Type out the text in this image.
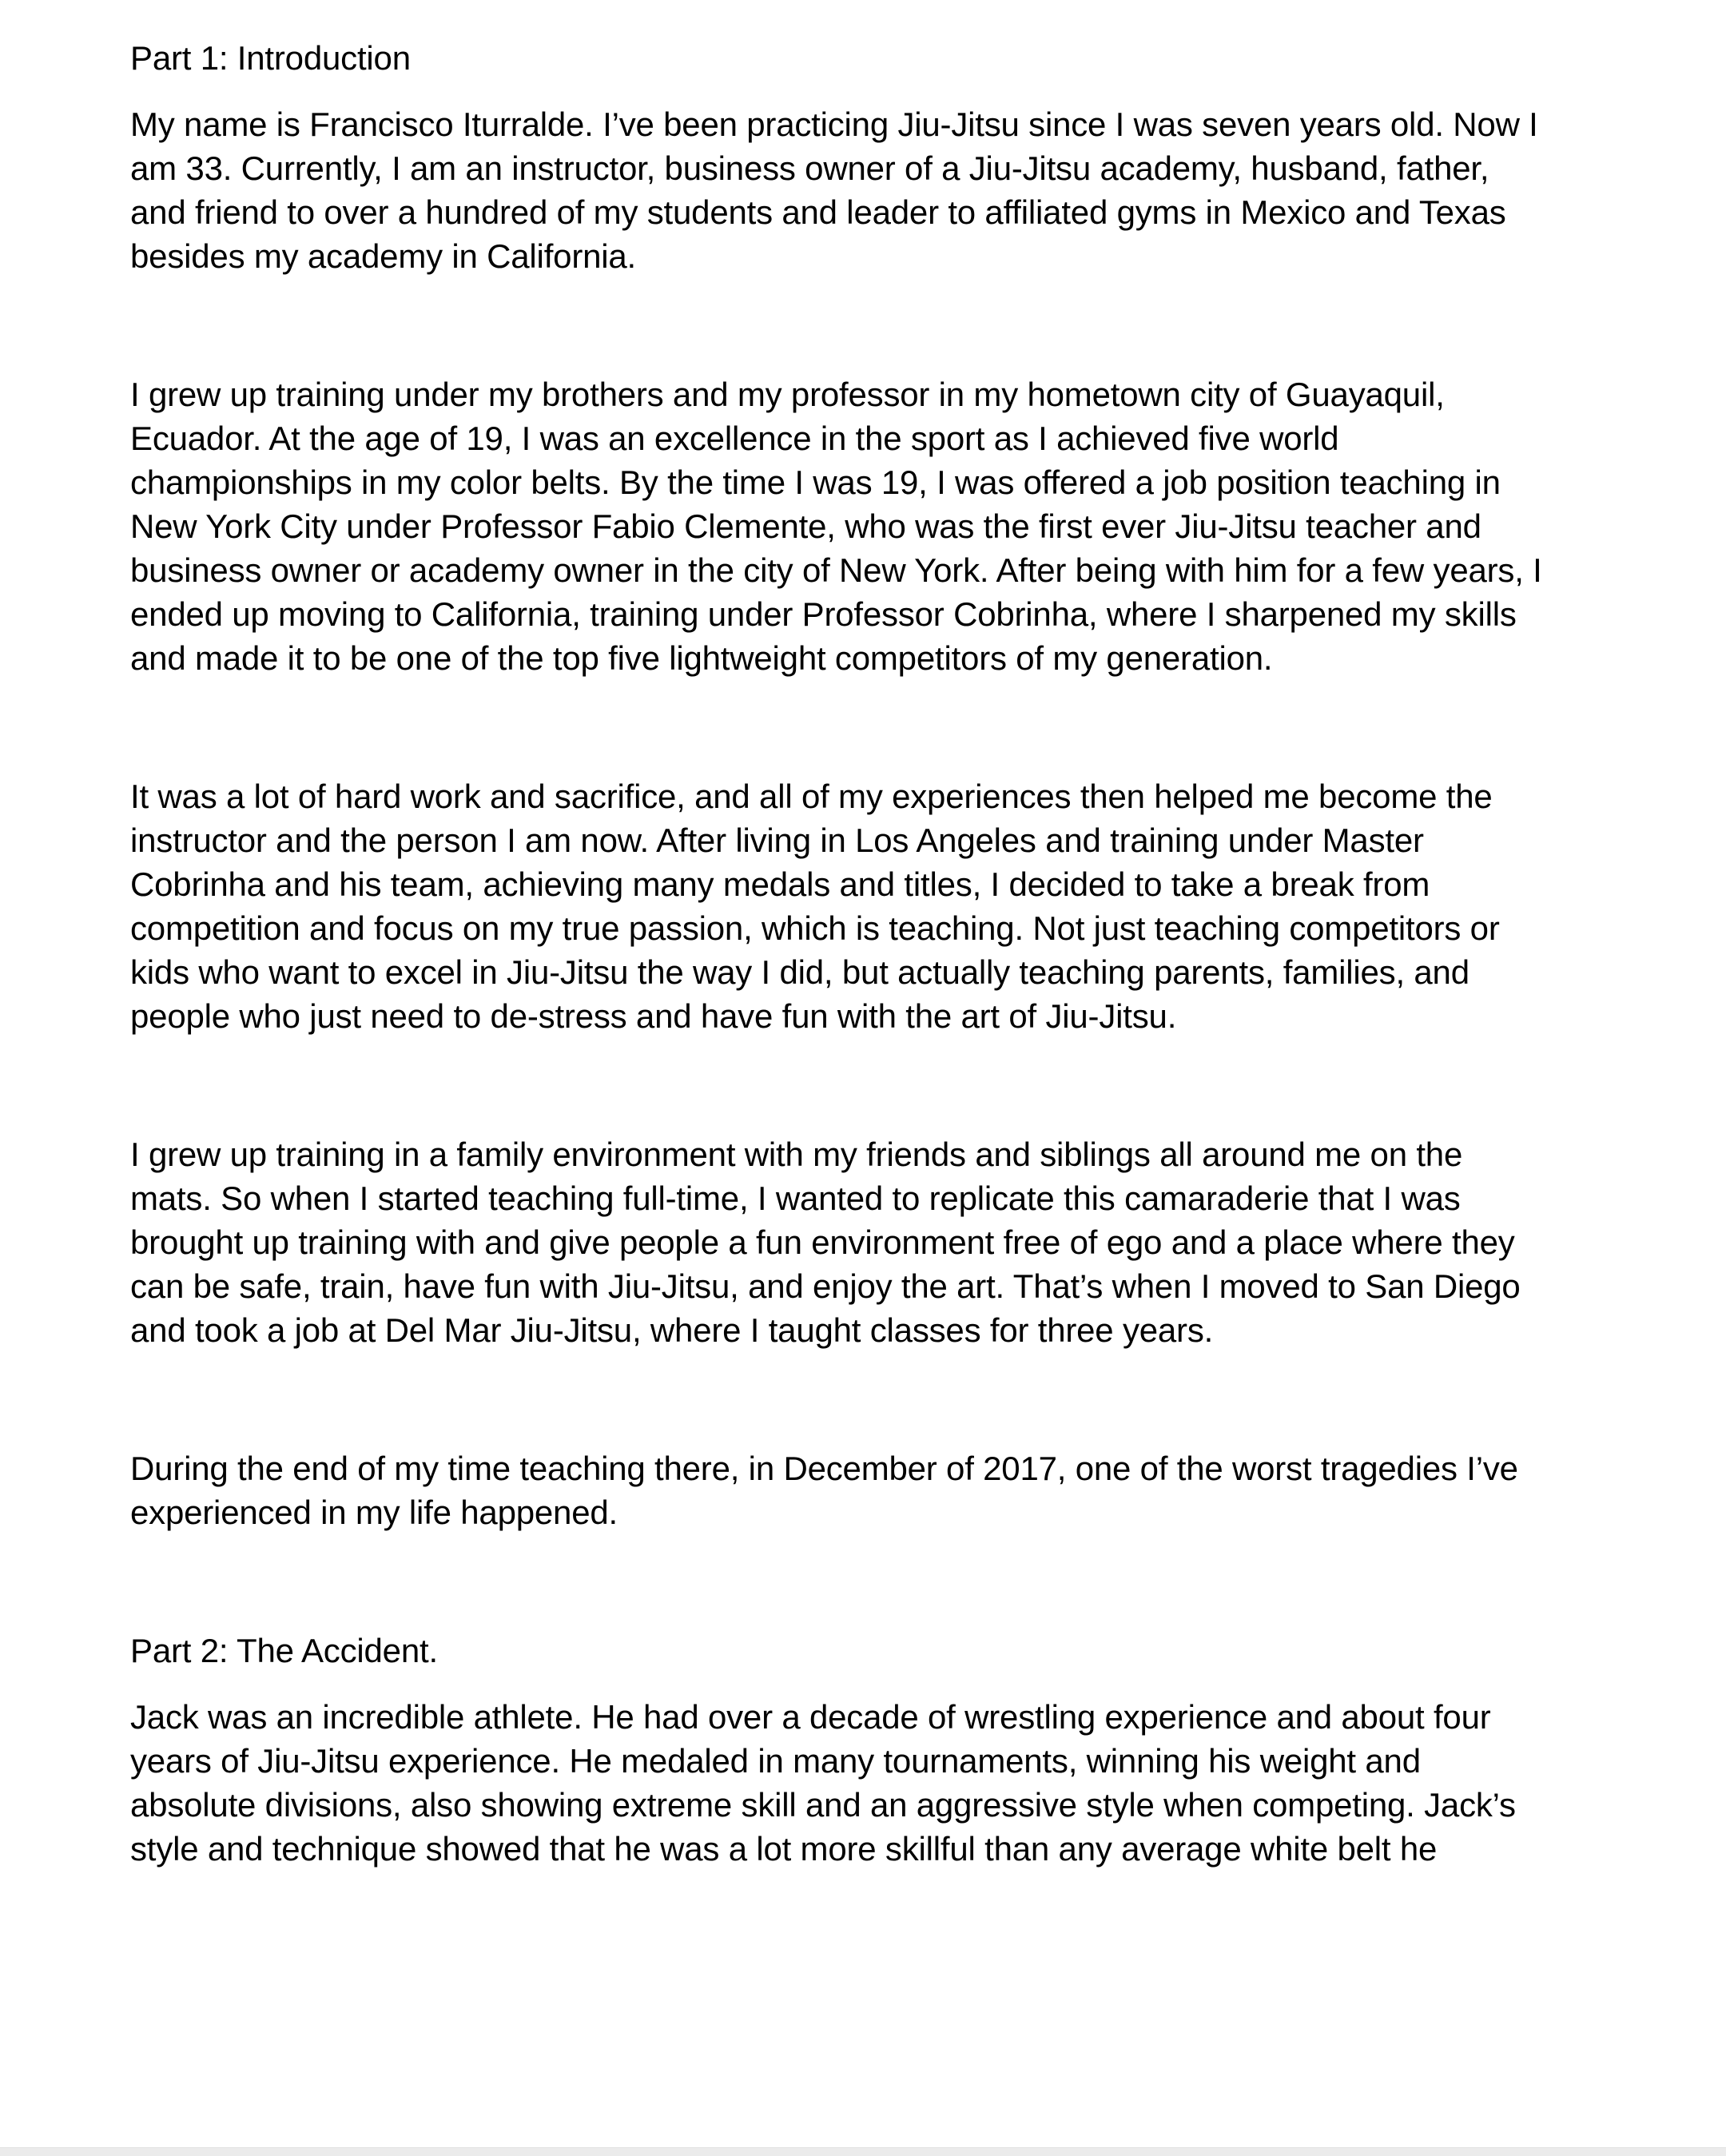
Part 1: Introduction
My name is Francisco Iturralde. I’ve been practicing Jiu-Jitsu since I was seven years old. Now I
am 33. Currently, I am an instructor, business owner of a Jiu-Jitsu academy, husband, father,
and friend to over a hundred of my students and leader to affiliated gyms in Mexico and Texas
besides my academy in California.
I grew up training under my brothers and my professor in my hometown city of Guayaquil,
Ecuador. At the age of 19, I was an excellence in the sport as I achieved five world
championships in my color belts. By the time I was 19, I was offered a job position teaching in
New York City under Professor Fabio Clemente, who was the first ever Jiu-Jitsu teacher and
business owner or academy owner in the city of New York. After being with him for a few years, I
ended up moving to California, training under Professor Cobrinha, where I sharpened my skills
and made it to be one of the top five lightweight competitors of my generation.
It was a lot of hard work and sacrifice, and all of my experiences then helped me become the
instructor and the person I am now. After living in Los Angeles and training under Master
Cobrinha and his team, achieving many medals and titles, I decided to take a break from
competition and focus on my true passion, which is teaching. Not just teaching competitors or
kids who want to excel in Jiu-Jitsu the way I did, but actually teaching parents, families, and
people who just need to de-stress and have fun with the art of Jiu-Jitsu.
I grew up training in a family environment with my friends and siblings all around me on the
mats. So when I started teaching full-time, I wanted to replicate this camaraderie that I was
brought up training with and give people a fun environment free of ego and a place where they
can be safe, train, have fun with Jiu-Jitsu, and enjoy the art. That’s when I moved to San Diego
and took a job at Del Mar Jiu-Jitsu, where I taught classes for three years.
During the end of my time teaching there, in December of 2017, one of the worst tragedies I’ve
experienced in my life happened.
Part 2: The Accident.
Jack was an incredible athlete. He had over a decade of wrestling experience and about four
years of Jiu-Jitsu experience. He medaled in many tournaments, winning his weight and
absolute divisions, also showing extreme skill and an aggressive style when competing. Jack’s
style and technique showed that he was a lot more skillful than any average white belt he
